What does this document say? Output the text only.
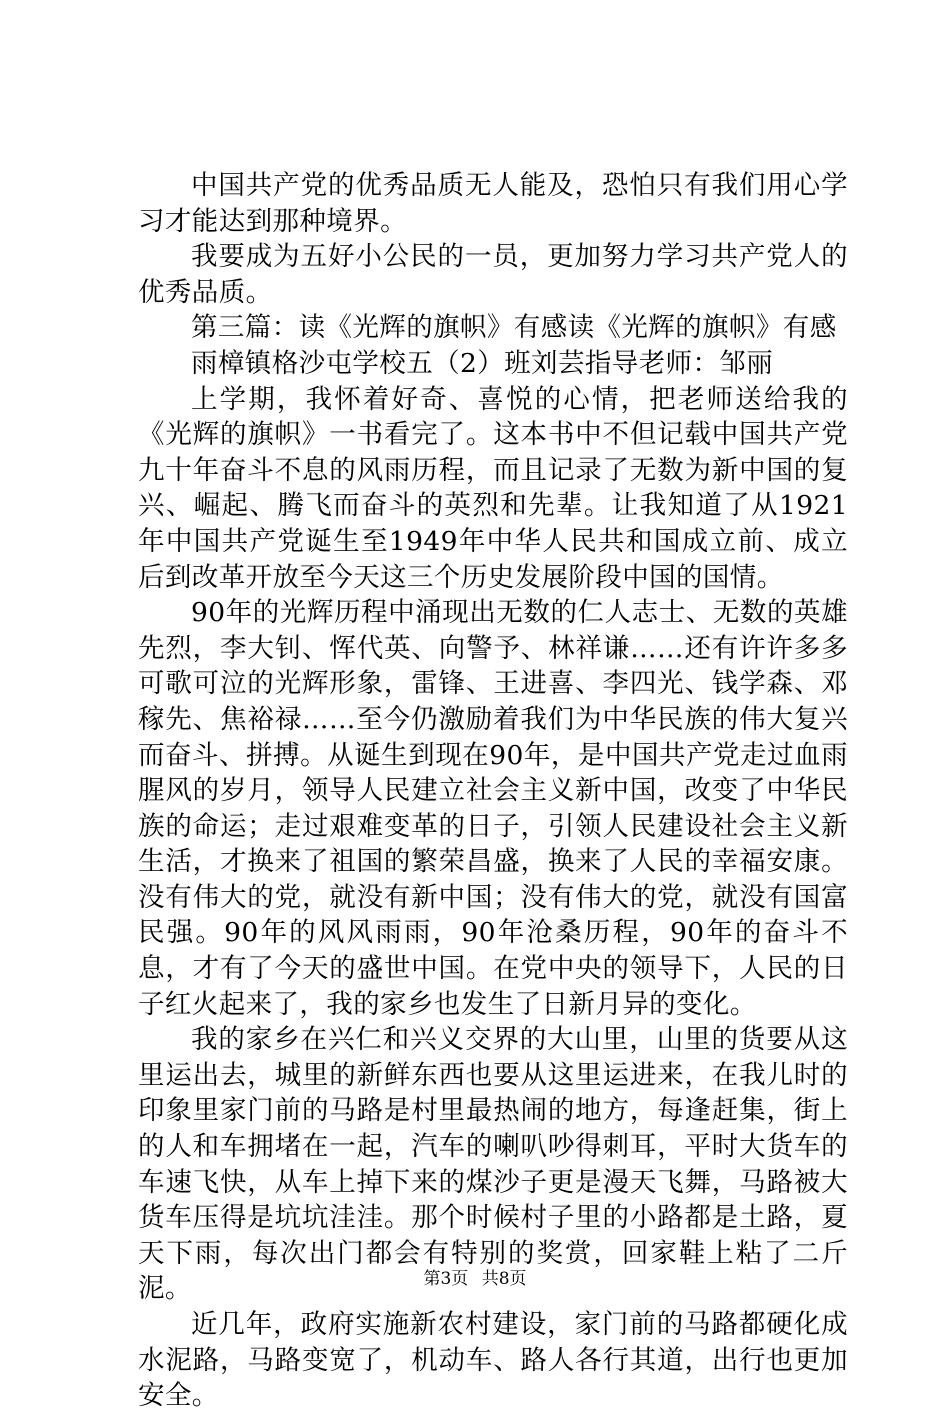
中国共产党的优秀品质无人能及，恐怕只有我们用心学习才能达到那种境界。

我要成为五好小公民的一员，更加努力学习共产党人的优秀品质。

第三篇：读《光辉的旗帜》有感读《光辉的旗帜》有感

雨樟镇格沙屯学校五（2）班刘芸指导老师：邹丽

上学期，我怀着好奇、喜悦的心情，把老师送给我的《光辉的旗帜》一书看完了。这本书中不但记载中国共产党九十年奋斗不息的风雨历程，而且记录了无数为新中国的复兴、崛起、腾飞而奋斗的英烈和先辈。让我知道了从1921年中国共产党诞生至1949年中华人民共和国成立前、成立后到改革开放至今天这三个历史发展阶段中国的国情。

90年的光辉历程中涌现出无数的仁人志士、无数的英雄先烈，李大钊、恽代英、向警予、林祥谦……还有许许多多可歌可泣的光辉形象，雷锋、王进喜、李四光、钱学森、邓稼先、焦裕禄……至今仍激励着我们为中华民族的伟大复兴而奋斗、拼搏。从诞生到现在90年，是中国共产党走过血雨腥风的岁月，领导人民建立社会主义新中国，改变了中华民族的命运；走过艰难变革的日子，引领人民建设社会主义新生活，才换来了祖国的繁荣昌盛，换来了人民的幸福安康。没有伟大的党，就没有新中国；没有伟大的党，就没有国富民强。90年的风风雨雨，90年沧桑历程，90年的奋斗不息，才有了今天的盛世中国。在党中央的领导下，人民的日子红火起来了，我的家乡也发生了日新月异的变化。

我的家乡在兴仁和兴义交界的大山里，山里的货要从这里运出去，城里的新鲜东西也要从这里运进来，在我儿时的印象里家门前的马路是村里最热闹的地方，每逢赶集，街上的人和车拥堵在一起，汽车的喇叭吵得刺耳，平时大货车的车速飞快，从车上掉下来的煤沙子更是漫天飞舞，马路被大货车压得是坑坑洼洼。那个时候村子里的小路都是土路，夏天下雨，每次出门都会有特别的奖赏，回家鞋上粘了二斤泥。

近几年，政府实施新农村建设，家门前的马路都硬化成水泥路，马路变宽了，机动车、路人各行其道，出行也更加安全。

第3页 共8页
